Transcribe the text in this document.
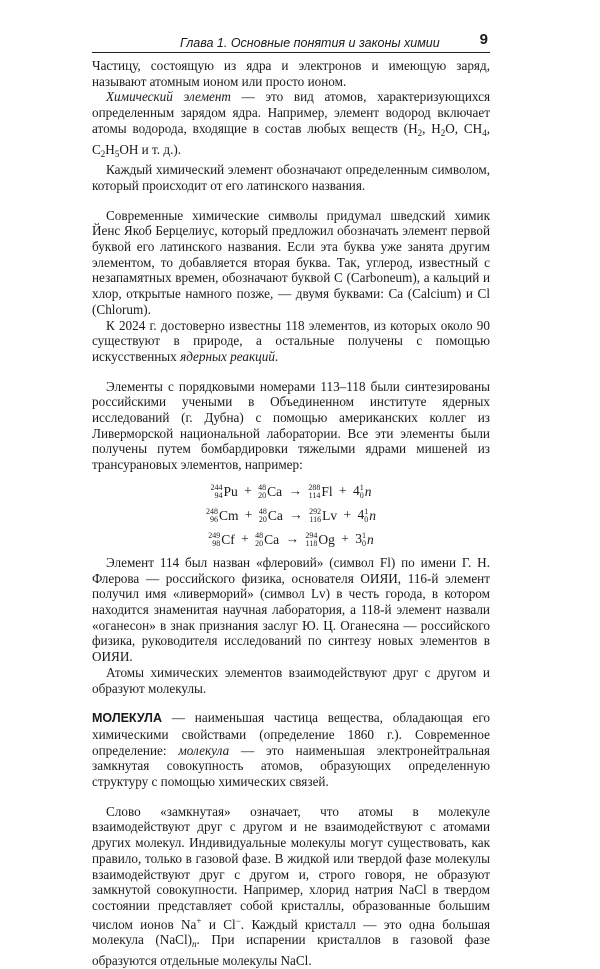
Глава 1. Основные понятия и законы химии	9

Частицу, состоящую из ядра и электронов и имеющую заряд, называют атомным ионом или просто ионом.

Химический элемент — это вид атомов, характеризующихся определенным зарядом ядра. Например, элемент водород включает атомы водорода, входящие в состав любых веществ ($H_2$, $H_2O$, $CH_4$, $C_2H_5OH$ и т. д.).

Каждый химический элемент обозначают определенным символом, который происходит от его латинского названия.

Современные химические символы придумал шведский химик Йенс Якоб Берцелиус, который предложил обозначать элемент первой буквой его латинского названия. Если эта буква уже занята другим элементом, то добавляется вторая буква. Так, углерод, известный с незапамятных времен, обозначают буквой C (Carboneum), а кальций и хлор, открытые намного позже, — двумя буквами: Ca (Calcium) и Cl (Chlorum).

К 2024 г. достоверно известны 118 элементов, из которых около 90 существуют в природе, а остальные получены с помощью искусственных ядерных реакций.

Элементы с порядковыми номерами 113–118 были синтезированы российскими учеными в Объединенном институте ядерных исследований (г. Дубна) с помощью американских коллег из Ливерморской национальной лаборатории. Все эти элементы были получены путем бомбардировки тяжелыми ядрами мишеней из трансурановых элементов, например:

244
94 Pu + 48
20 Ca → 288
114 Fl + 4 1
0 n
248
96 Cm + 48
20 Ca → 292
116 Lv + 4 1
0 n
249
98 Cf + 48
20 Ca → 294
118 Og + 3 1
0 n

Элемент 114 был назван «флеровий» (символ Fl) по имени Г. Н. Флерова — российского физика, основателя ОИЯИ, 116-й элемент получил имя «ливерморий» (символ Lv) в честь города, в котором находится знаменитая научная лаборатория, а 118-й элемент назвали «оганесон» в знак признания заслуг Ю. Ц. Оганесяна — российского физика, руководителя исследований по синтезу новых элементов в ОИЯИ.

Атомы химических элементов взаимодействуют друг с другом и образуют молекулы.

МОЛЕКУЛА — наименьшая частица вещества, обладающая его химическими свойствами (определение 1860 г.). Современное определение: молекула — это наименьшая электронейтральная замкнутая совокупность атомов, образующих определенную структуру с помощью химических связей.

Слово «замкнутая» означает, что атомы в молекуле взаимодействуют друг с другом и не взаимодействуют с атомами других молекул. Индивидуальные молекулы могут существовать, как правило, только в газовой фазе. В жидкой или твердой фазе молекулы взаимодействуют друг с другом и, строго говоря, не образуют замкнутой совокупности. Например, хлорид натрия NaCl в твердом состоянии представляет собой кристаллы, образованные большим числом ионов Na+ и Cl−. Каждый кристалл — это одна большая молекула $(NaCl)_n$. При испарении кристаллов в газовой фазе образуются отдельные молекулы NaCl.
